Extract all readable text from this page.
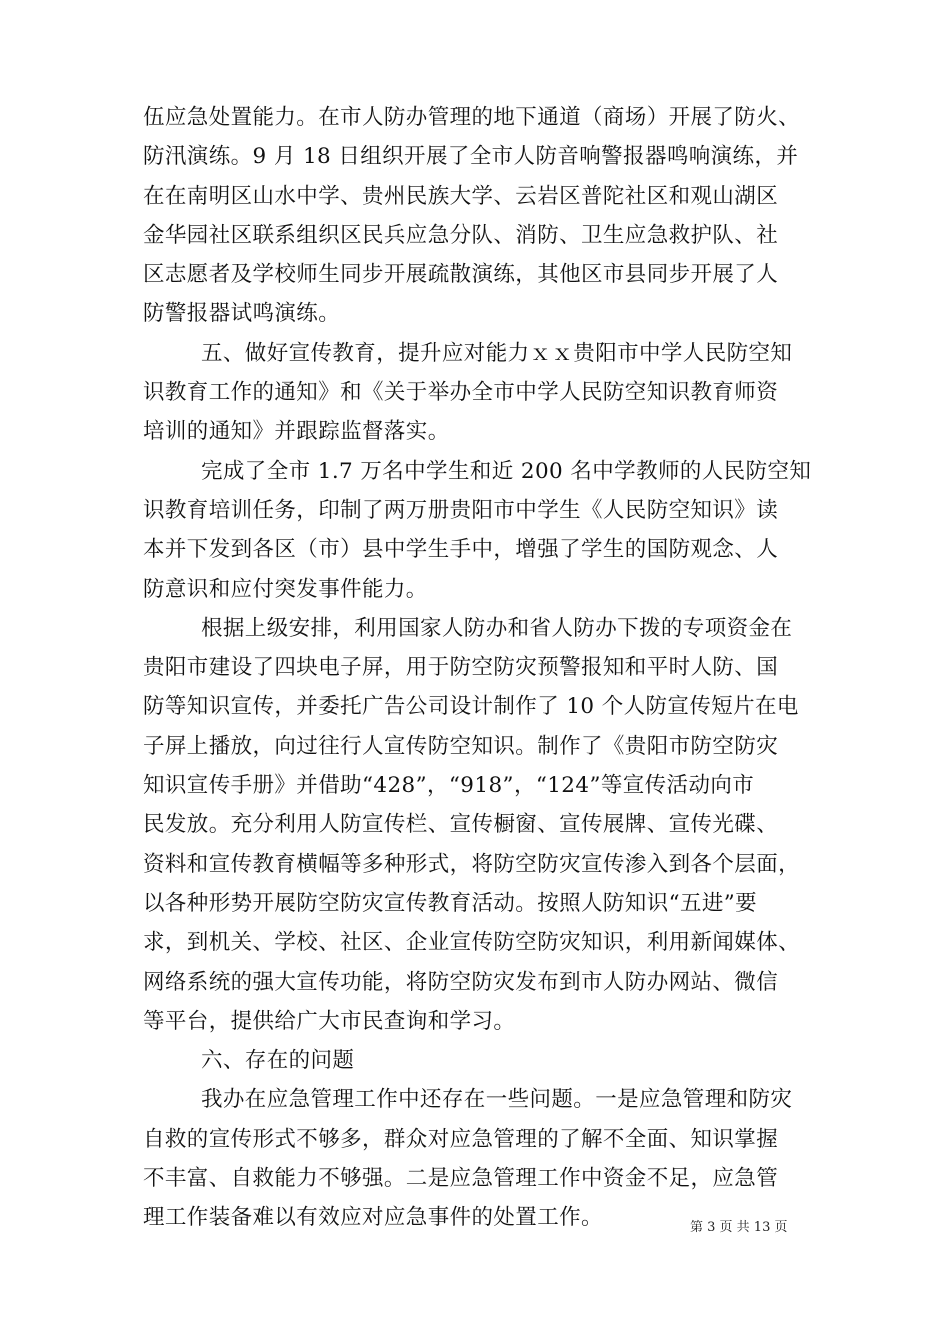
伍应急处置能力。在市人防办管理的地下通道（商场）开展了防火、
防汛演练。9 月 18 日组织开展了全市人防音响警报器鸣响演练，并
在在南明区山水中学、贵州民族大学、云岩区普陀社区和观山湖区
金华园社区联系组织区民兵应急分队、消防、卫生应急救护队、社
区志愿者及学校师生同步开展疏散演练，其他区市县同步开展了人
防警报器试鸣演练。
五、做好宣传教育，提升应对能力ｘｘ贵阳市中学人民防空知
识教育工作的通知》和《关于举办全市中学人民防空知识教育师资
培训的通知》并跟踪监督落实。
完成了全市 1.7 万名中学生和近 200 名中学教师的人民防空知
识教育培训任务，印制了两万册贵阳市中学生《人民防空知识》读
本并下发到各区（市）县中学生手中，增强了学生的国防观念、人
防意识和应付突发事件能力。
根据上级安排，利用国家人防办和省人防办下拨的专项资金在
贵阳市建设了四块电子屏，用于防空防灾预警报知和平时人防、国
防等知识宣传，并委托广告公司设计制作了 10 个人防宣传短片在电
子屏上播放，向过往行人宣传防空知识。制作了《贵阳市防空防灾
知识宣传手册》并借助“428”，“918”，“124”等宣传活动向市
民发放。充分利用人防宣传栏、宣传橱窗、宣传展牌、宣传光碟、
资料和宣传教育横幅等多种形式，将防空防灾宣传渗入到各个层面，
以各种形势开展防空防灾宣传教育活动。按照人防知识“五进”要
求，到机关、学校、社区、企业宣传防空防灾知识，利用新闻媒体、
网络系统的强大宣传功能，将防空防灾发布到市人防办网站、微信
等平台，提供给广大市民查询和学习。
六、存在的问题
我办在应急管理工作中还存在一些问题。一是应急管理和防灾
自救的宣传形式不够多，群众对应急管理的了解不全面、知识掌握
不丰富、自救能力不够强。二是应急管理工作中资金不足，应急管
理工作装备难以有效应对应急事件的处置工作。	第 3 页 共 13 页
